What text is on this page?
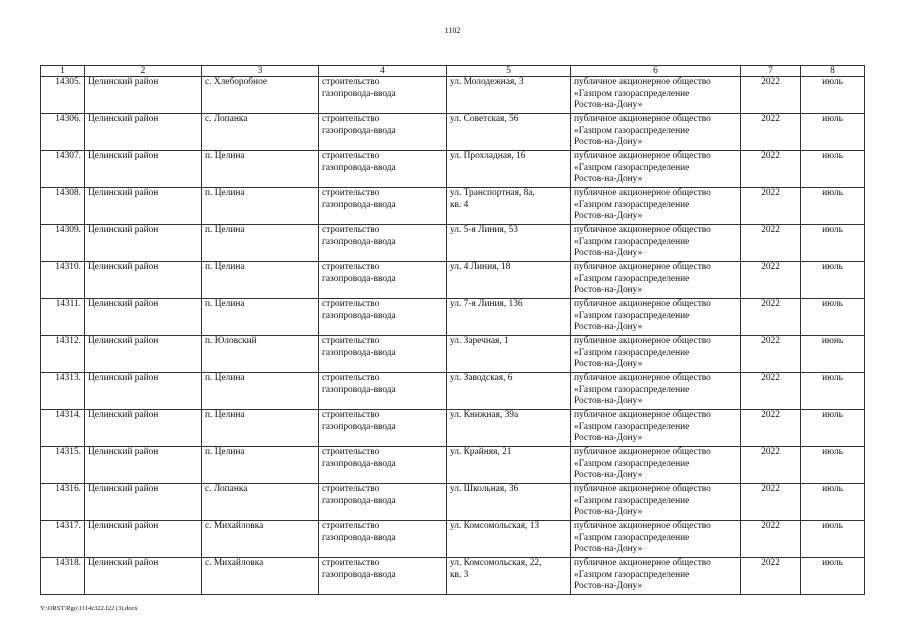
1102
1	2	3	4	5	6	7	8
14305.	Целинский район	с. Хлеборобное	строительство
газопровода-ввода	ул. Молодежная, 3	публичное акционерное общество
«Газпром газораспределение
Ростов-на-Дону»	2022	июль
14306.	Целинский район	с. Лопанка	строительство
газопровода-ввода	ул. Советская, 56	публичное акционерное общество
«Газпром газораспределение
Ростов-на-Дону»	2022	июль
14307.	Целинский район	п. Целина	строительство
газопровода-ввода	ул. Прохладная, 16	публичное акционерное общество
«Газпром газораспределение
Ростов-на-Дону»	2022	июль
14308.	Целинский район	п. Целина	строительство
газопровода-ввода	ул. Транспортная, 8а,
кв. 4	публичное акционерное общество
«Газпром газораспределение
Ростов-на-Дону»	2022	июль
14309.	Целинский район	п. Целина	строительство
газопровода-ввода	ул. 5-я Линия, 53	публичное акционерное общество
«Газпром газораспределение
Ростов-на-Дону»	2022	июль
14310.	Целинский район	п. Целина	строительство
газопровода-ввода	ул. 4 Линия, 18	публичное акционерное общество
«Газпром газораспределение
Ростов-на-Дону»	2022	июль
14311.	Целинский район	п. Целина	строительство
газопровода-ввода	ул. 7-я Линия, 136	публичное акционерное общество
«Газпром газораспределение
Ростов-на-Дону»	2022	июль
14312.	Целинский район	п. Юловский	строительство
газопровода-ввода	ул. Заречная, 1	публичное акционерное общество
«Газпром газораспределение
Ростов-на-Дону»	2022	июнь
14313.	Целинский район	п. Целина	строительство
газопровода-ввода	ул. Заводская, 6	публичное акционерное общество
«Газпром газораспределение
Ростов-на-Дону»	2022	июль
14314.	Целинский район	п. Целина	строительство
газопровода-ввода	ул. Книжная, 39а	публичное акционерное общество
«Газпром газораспределение
Ростов-на-Дону»	2022	июль
14315.	Целинский район	п. Целина	строительство
газопровода-ввода	ул. Крайняя, 21	публичное акционерное общество
«Газпром газораспределение
Ростов-на-Дону»	2022	июль
14316.	Целинский район	с. Лопанка	строительство
газопровода-ввода	ул. Школьная, 36	публичное акционерное общество
«Газпром газораспределение
Ростов-на-Дону»	2022	июль
14317.	Целинский район	с. Михайловка	строительство
газопровода-ввода	ул. Комсомольская, 13	публичное акционерное общество
«Газпром газораспределение
Ростов-на-Дону»	2022	июль
14318.	Целинский район	с. Михайловка	строительство
газопровода-ввода	ул. Комсомольская, 22,
кв. 3	публичное акционерное общество
«Газпром газораспределение
Ростов-на-Дону»	2022	июль
Y:\ORST\Rgo\1114z322.f22 (3).docx
